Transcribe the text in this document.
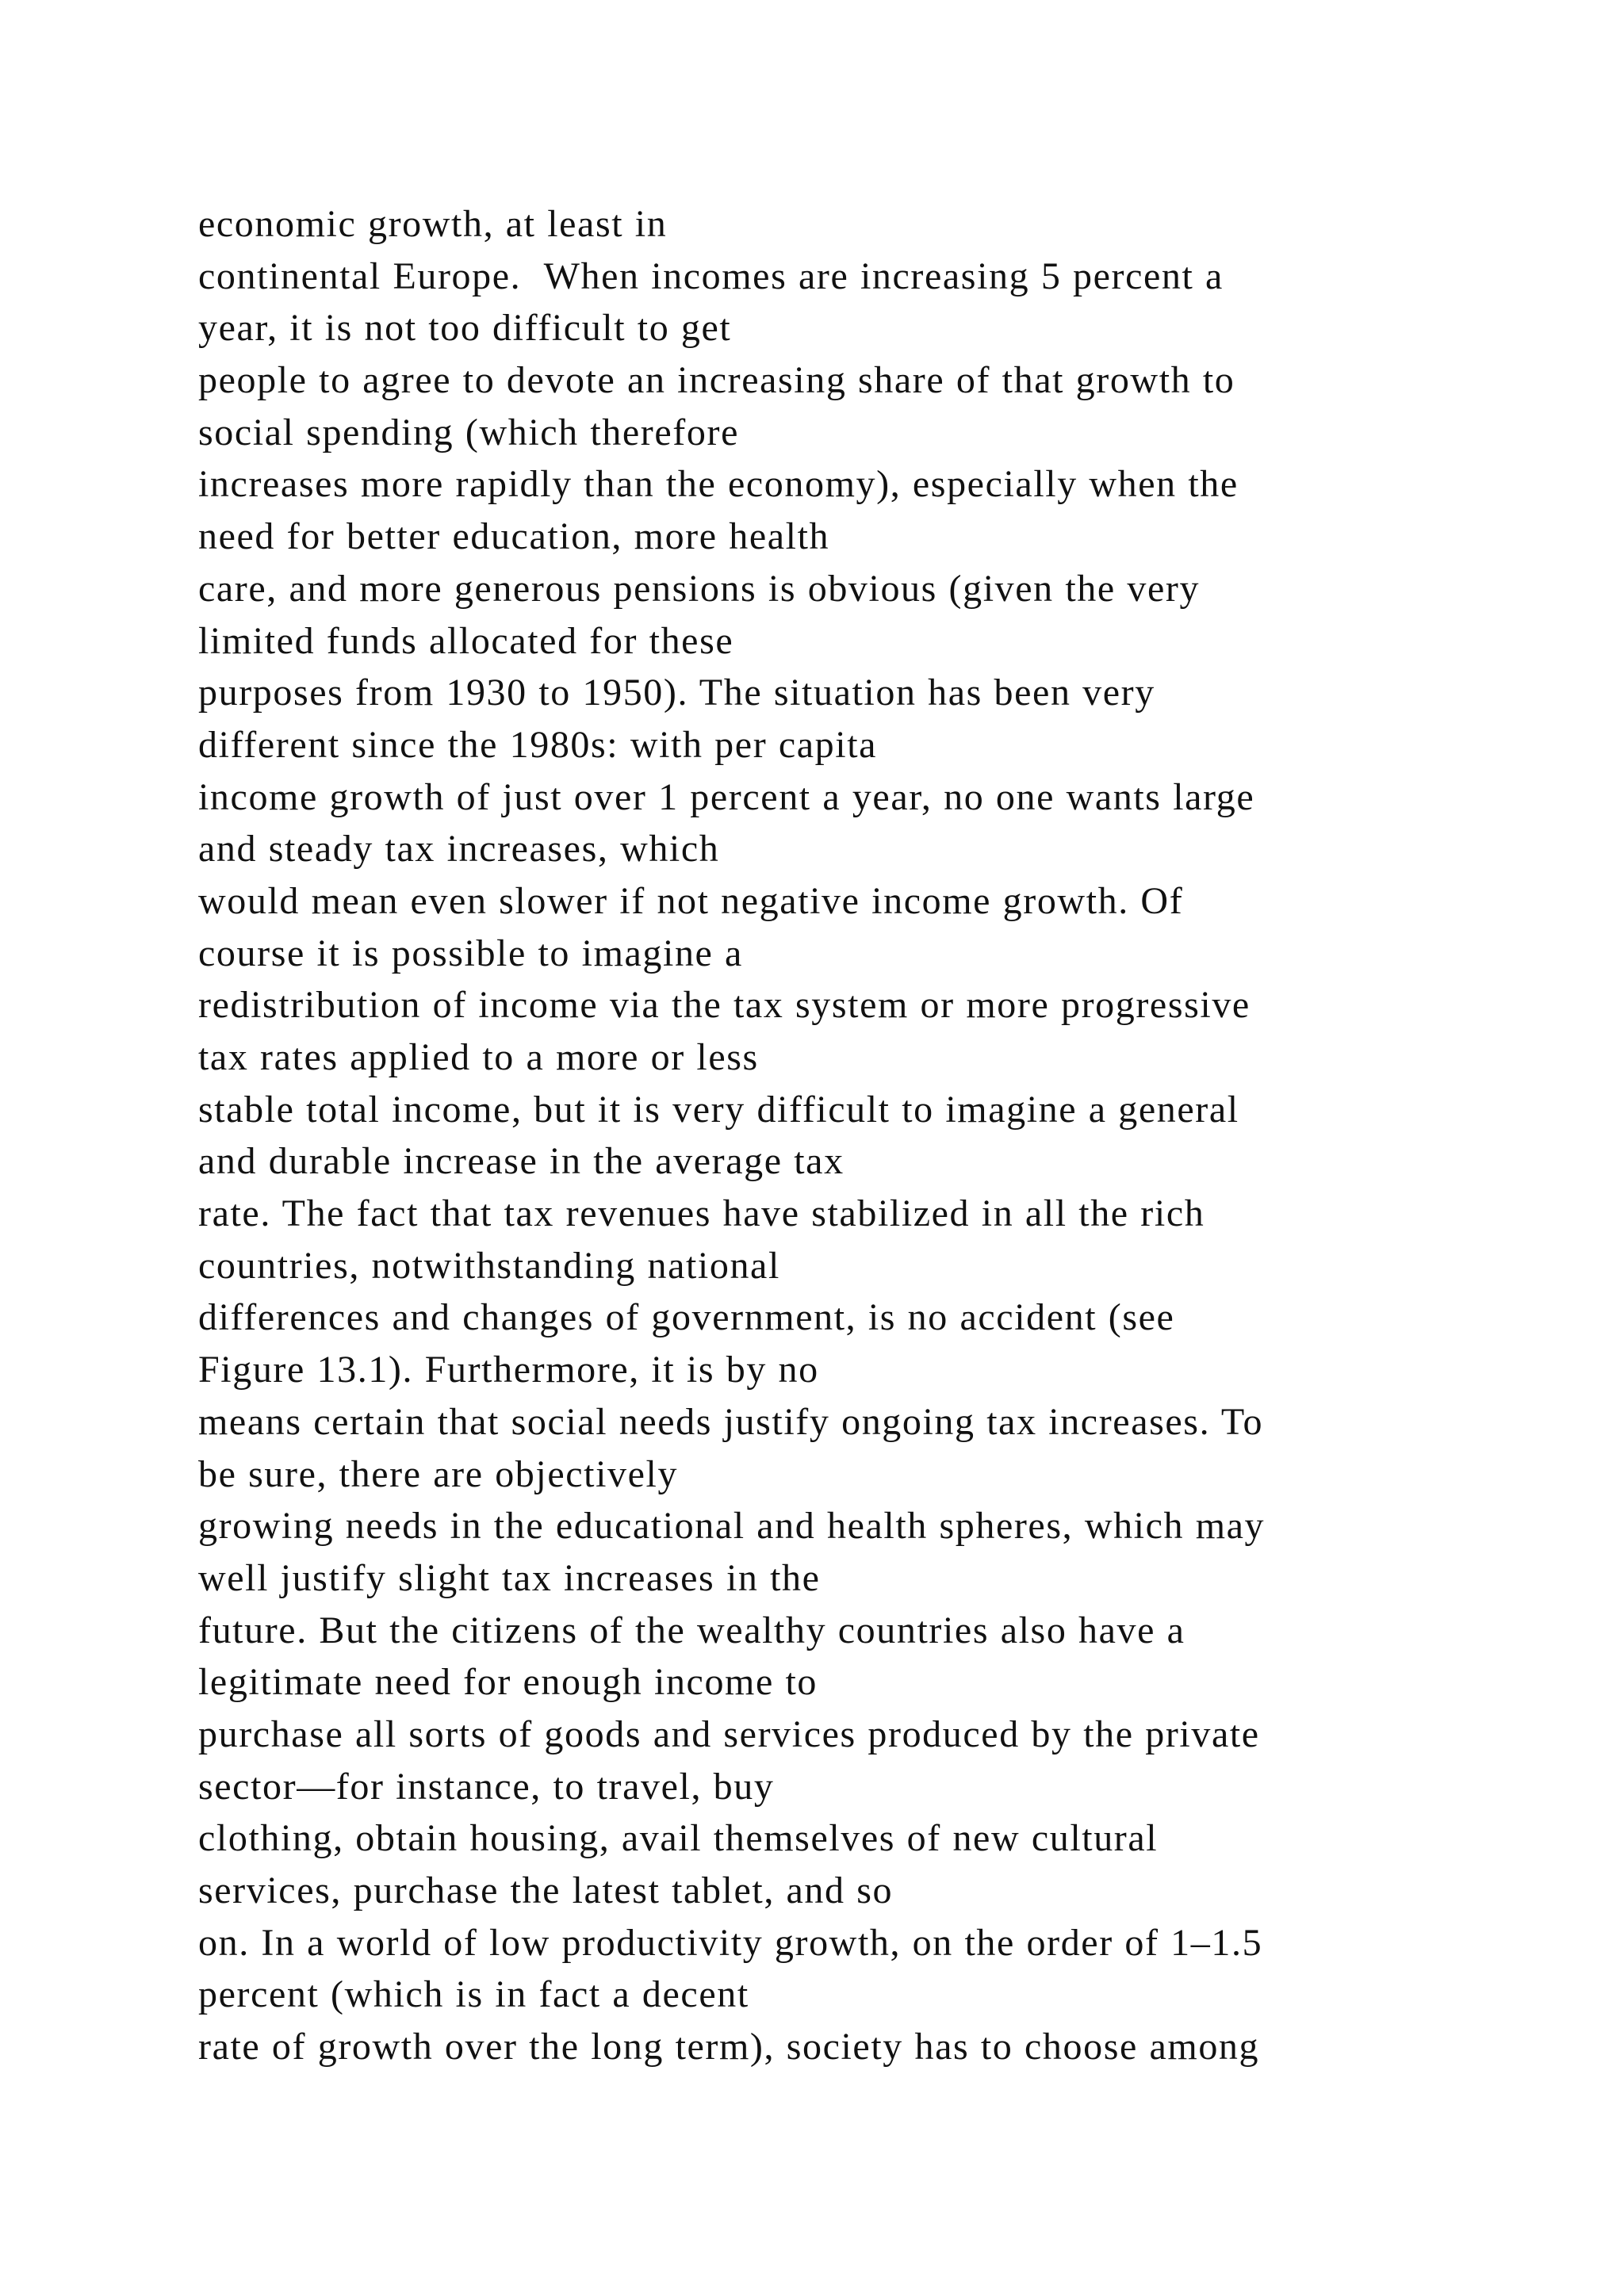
economic growth, at least in
continental Europe.  When incomes are increasing 5 percent a
year, it is not too difficult to get
people to agree to devote an increasing share of that growth to
social spending (which therefore
increases more rapidly than the economy), especially when the
need for better education, more health
care, and more generous pensions is obvious (given the very
limited funds allocated for these
purposes from 1930 to 1950). The situation has been very
different since the 1980s: with per capita
income growth of just over 1 percent a year, no one wants large
and steady tax increases, which
would mean even slower if not negative income growth. Of
course it is possible to imagine a
redistribution of income via the tax system or more progressive
tax rates applied to a more or less
stable total income, but it is very difficult to imagine a general
and durable increase in the average tax
rate. The fact that tax revenues have stabilized in all the rich
countries, notwithstanding national
differences and changes of government, is no accident (see
Figure 13.1). Furthermore, it is by no
means certain that social needs justify ongoing tax increases. To
be sure, there are objectively
growing needs in the educational and health spheres, which may
well justify slight tax increases in the
future. But the citizens of the wealthy countries also have a
legitimate need for enough income to
purchase all sorts of goods and services produced by the private
sector—for instance, to travel, buy
clothing, obtain housing, avail themselves of new cultural
services, purchase the latest tablet, and so
on. In a world of low productivity growth, on the order of 1–1.5
percent (which is in fact a decent
rate of growth over the long term), society has to choose among
